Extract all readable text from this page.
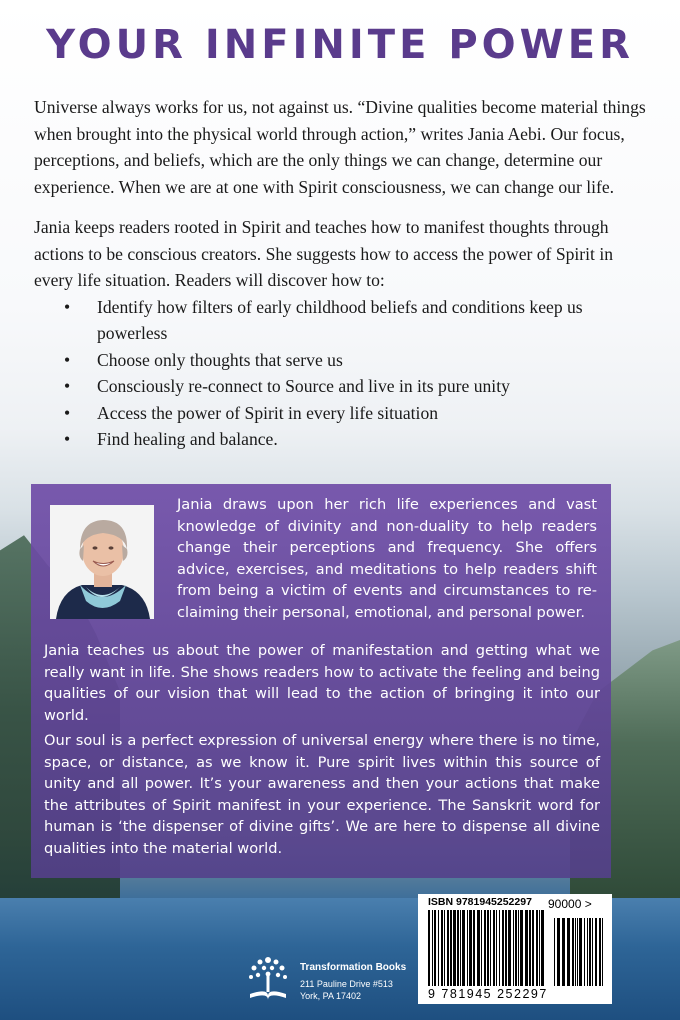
YOUR INFINITE POWER

Universe always works for us, not against us. “Divine qualities become material things when brought into the physical world through action,” writes Jania Aebi. Our focus, perceptions, and beliefs, which are the only things we can change, determine our experience. When we are at one with Spirit consciousness, we can change our life.

Jania keeps readers rooted in Spirit and teaches how to manifest thoughts through actions to be conscious creators. She suggests how to access the power of Spirit in every life situation. Readers will discover how to:

• Identify how filters of early childhood beliefs and conditions keep us powerless
• Choose only thoughts that serve us
• Consciously re-connect to Source and live in its pure unity
• Access the power of Spirit in every life situation
• Find healing and balance.

Jania draws upon her rich life experiences and vast knowledge of divinity and non-duality to help readers change their perceptions and frequency. She offers advice, exercises, and meditations to help readers shift from being a victim of events and circumstances to re-claiming their personal, emotional, and personal power.

Jania teaches us about the power of manifestation and getting what we really want in life. She shows readers how to activate the feeling and being qualities of our vision that will lead to the action of bringing it into our world.

Our soul is a perfect expression of universal energy where there is no time, space, or distance, as we know it. Pure spirit lives within this source of unity and all power. It’s your awareness and then your actions that make the attributes of Spirit manifest in your experience. The Sanskrit word for human is ‘the dispenser of divine gifts’. We are here to dispense all divine qualities into the material world.

ISBN 9781945252297 90000 >
9 781945 252297
Transformation Books
211 Pauline Drive #513
York, PA 17402
